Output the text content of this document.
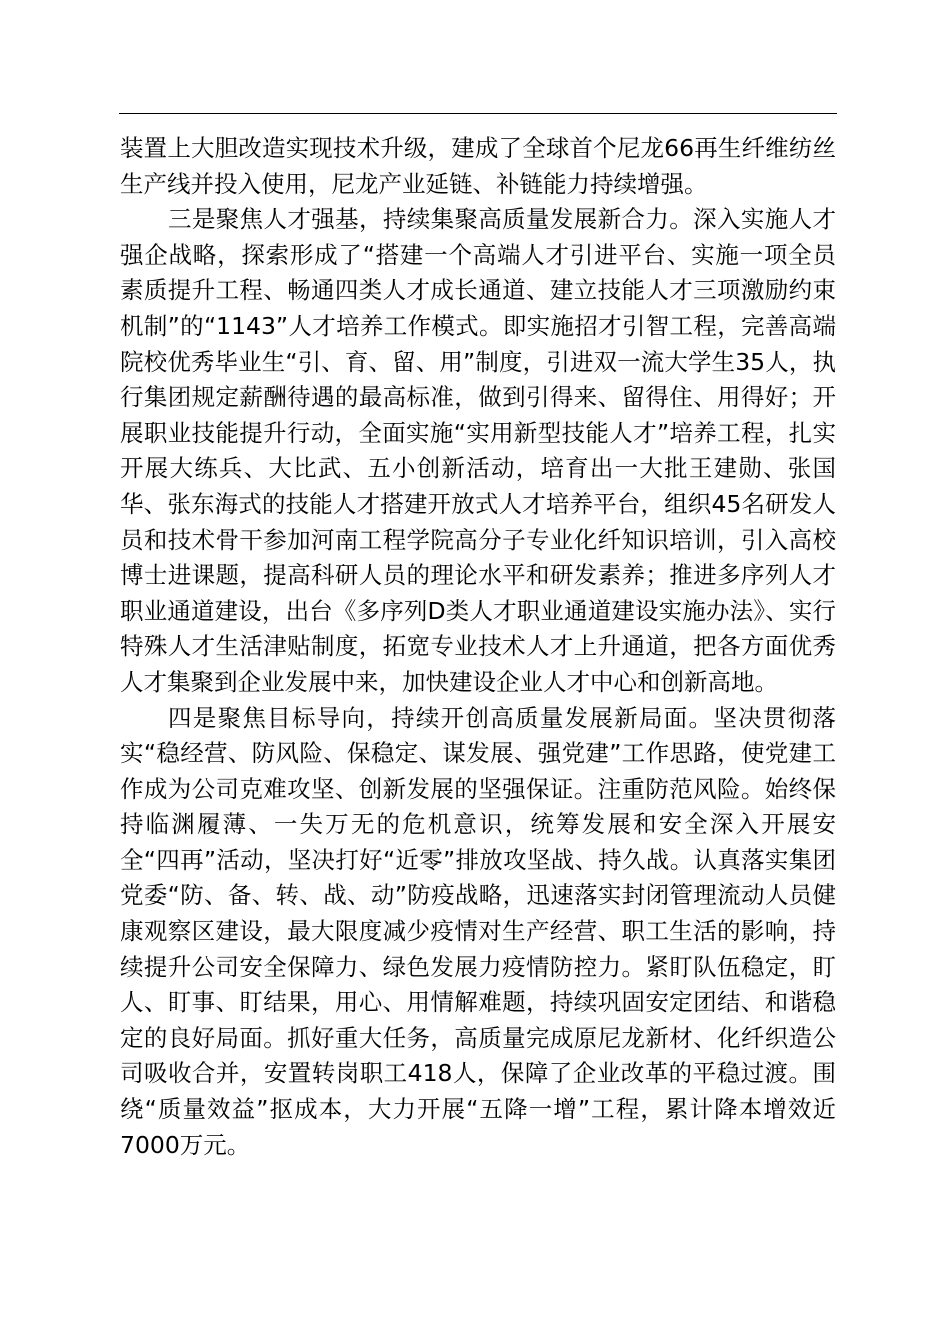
装置上大胆改造实现技术升级，建成了全球首个尼龙66再生纤维纺丝生产线并投入使用，尼龙产业延链、补链能力持续增强。

三是聚焦人才强基，持续集聚高质量发展新合力。深入实施人才强企战略，探索形成了“搭建一个高端人才引进平台、实施一项全员素质提升工程、畅通四类人才成长通道、建立技能人才三项激励约束机制”的“1143”人才培养工作模式。即实施招才引智工程，完善高端院校优秀毕业生“引、育、留、用”制度，引进双一流大学生35人，执行集团规定薪酬待遇的最高标准，做到引得来、留得住、用得好；开展职业技能提升行动，全面实施“实用新型技能人才”培养工程，扎实开展大练兵、大比武、五小创新活动，培育出一大批王建勋、张国华、张东海式的技能人才搭建开放式人才培养平台，组织45名研发人员和技术骨干参加河南工程学院高分子专业化纤知识培训，引入高校博士进课题，提高科研人员的理论水平和研发素养；推进多序列人才职业通道建设，出台《多序列D类人才职业通道建设实施办法》、实行特殊人才生活津贴制度，拓宽专业技术人才上升通道，把各方面优秀人才集聚到企业发展中来，加快建设企业人才中心和创新高地。

四是聚焦目标导向，持续开创高质量发展新局面。坚决贯彻落实“稳经营、防风险、保稳定、谋发展、强党建”工作思路，使党建工作成为公司克难攻坚、创新发展的坚强保证。注重防范风险。始终保持临渊履薄、一失万无的危机意识，统筹发展和安全深入开展安全“四再”活动，坚决打好“近零”排放攻坚战、持久战。认真落实集团党委“防、备、转、战、动”防疫战略，迅速落实封闭管理流动人员健康观察区建设，最大限度减少疫情对生产经营、职工生活的影响，持续提升公司安全保障力、绿色发展力疫情防控力。紧盯队伍稳定，盯人、盯事、盯结果，用心、用情解难题，持续巩固安定团结、和谐稳定的良好局面。抓好重大任务，高质量完成原尼龙新材、化纤织造公司吸收合并，安置转岗职工418人，保障了企业改革的平稳过渡。围绕“质量效益”抠成本，大力开展“五降一增”工程，累计降本增效近7000万元。
